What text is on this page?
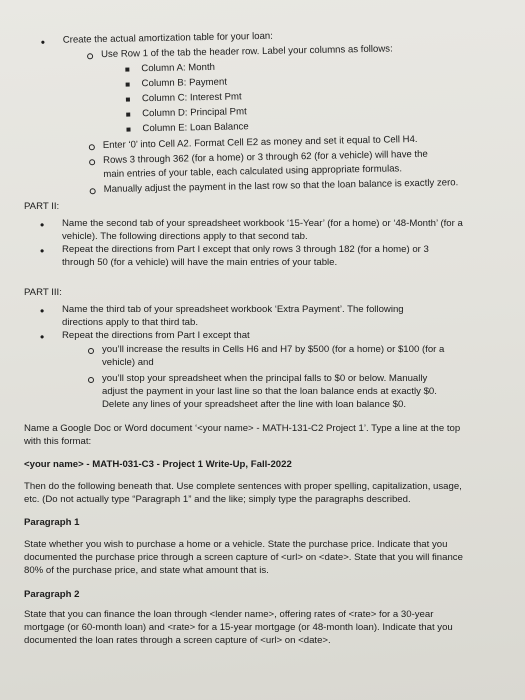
• Create the actual amortization table for your loan:
Use Row 1 of the tab the header row. Label your columns as follows:
Column A: Month
Column B: Payment
Column C: Interest Pmt
Column D: Principal Pmt
Column E: Loan Balance
Enter ‘0’ into Cell A2. Format Cell E2 as money and set it equal to Cell H4.
Rows 3 through 362 (for a home) or 3 through 62 (for a vehicle) will have the
main entries of your table, each calculated using appropriate formulas.
Manually adjust the payment in the last row so that the loan balance is exactly zero.
PART II:
• Name the second tab of your spreadsheet workbook ‘15-Year’ (for a home) or ‘48-Month’ (for a
vehicle). The following directions apply to that second tab.
• Repeat the directions from Part I except that only rows 3 through 182 (for a home) or 3
through 50 (for a vehicle) will have the main entries of your table.
PART III:
• Name the third tab of your spreadsheet workbook ‘Extra Payment’. The following
directions apply to that third tab.
• Repeat the directions from Part I except that
you’ll increase the results in Cells H6 and H7 by $500 (for a home) or $100 (for a
vehicle) and
you’ll stop your spreadsheet when the principal falls to $0 or below. Manually
adjust the payment in your last line so that the loan balance ends at exactly $0.
Delete any lines of your spreadsheet after the line with loan balance $0.
Name a Google Doc or Word document ‘<your name> - MATH-131-C2 Project 1’. Type a line at the top
with this format:
<your name> - MATH-031-C3 - Project 1 Write-Up, Fall-2022
Then do the following beneath that. Use complete sentences with proper spelling, capitalization, usage,
etc. (Do not actually type “Paragraph 1” and the like; simply type the paragraphs described.
Paragraph 1
State whether you wish to purchase a home or a vehicle. State the purchase price. Indicate that you
documented the purchase price through a screen capture of <url> on <date>. State that you will finance
80% of the purchase price, and state what amount that is.
Paragraph 2
State that you can finance the loan through <lender name>, offering rates of <rate> for a 30-year
mortgage (or 60-month loan) and <rate> for a 15-year mortgage (or 48-month loan). Indicate that you
documented the loan rates through a screen capture of <url> on <date>.
